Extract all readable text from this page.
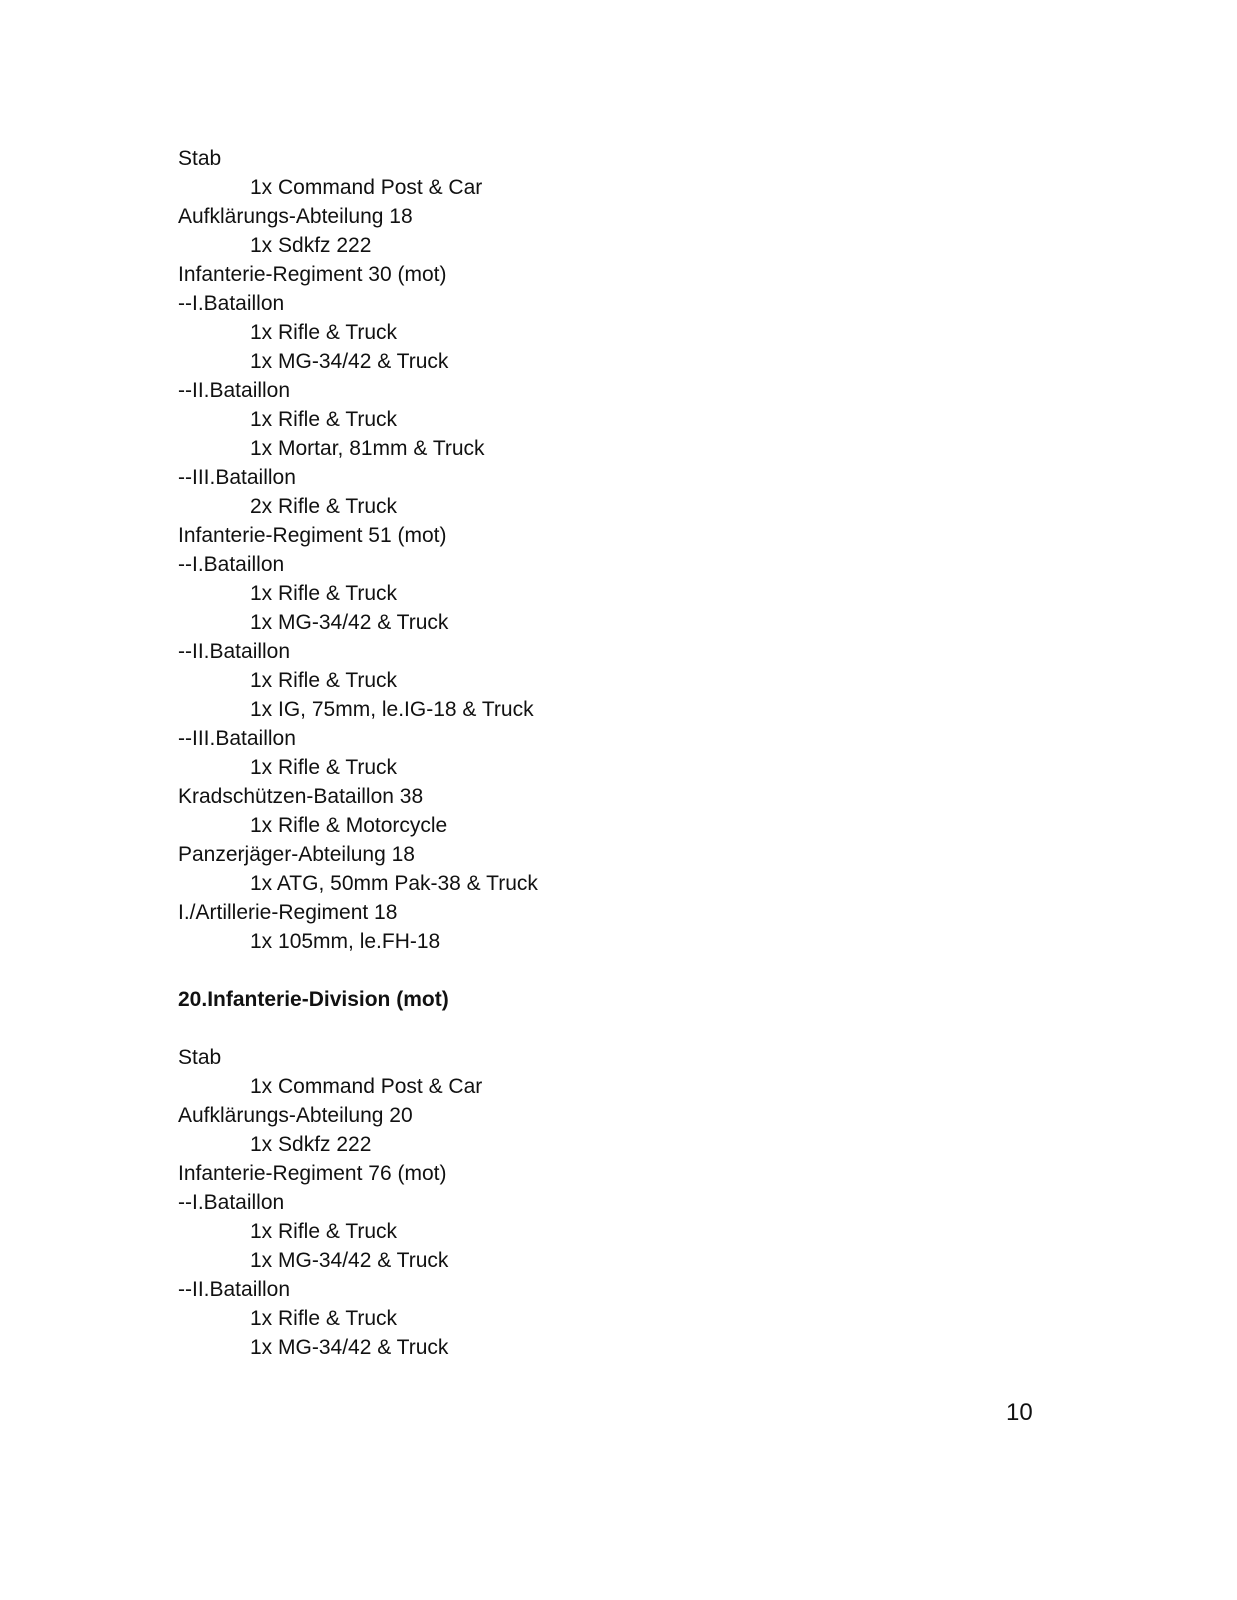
Stab
1x Command Post & Car
Aufklärungs-Abteilung 18
1x Sdkfz 222
Infanterie-Regiment 30 (mot)
--I.Bataillon
1x Rifle & Truck
1x MG-34/42 & Truck
--II.Bataillon
1x Rifle & Truck
1x Mortar, 81mm & Truck
--III.Bataillon
2x Rifle & Truck
Infanterie-Regiment 51 (mot)
--I.Bataillon
1x Rifle & Truck
1x MG-34/42 & Truck
--II.Bataillon
1x Rifle & Truck
1x IG, 75mm, le.IG-18 & Truck
--III.Bataillon
1x Rifle & Truck
Kradschützen-Bataillon 38
1x Rifle & Motorcycle
Panzerjäger-Abteilung 18
1x ATG, 50mm Pak-38 & Truck
I./Artillerie-Regiment 18
1x 105mm, le.FH-18
20.Infanterie-Division (mot)
Stab
1x Command Post & Car
Aufklärungs-Abteilung 20
1x Sdkfz 222
Infanterie-Regiment 76 (mot)
--I.Bataillon
1x Rifle & Truck
1x MG-34/42 & Truck
--II.Bataillon
1x Rifle & Truck
1x MG-34/42 & Truck
10
